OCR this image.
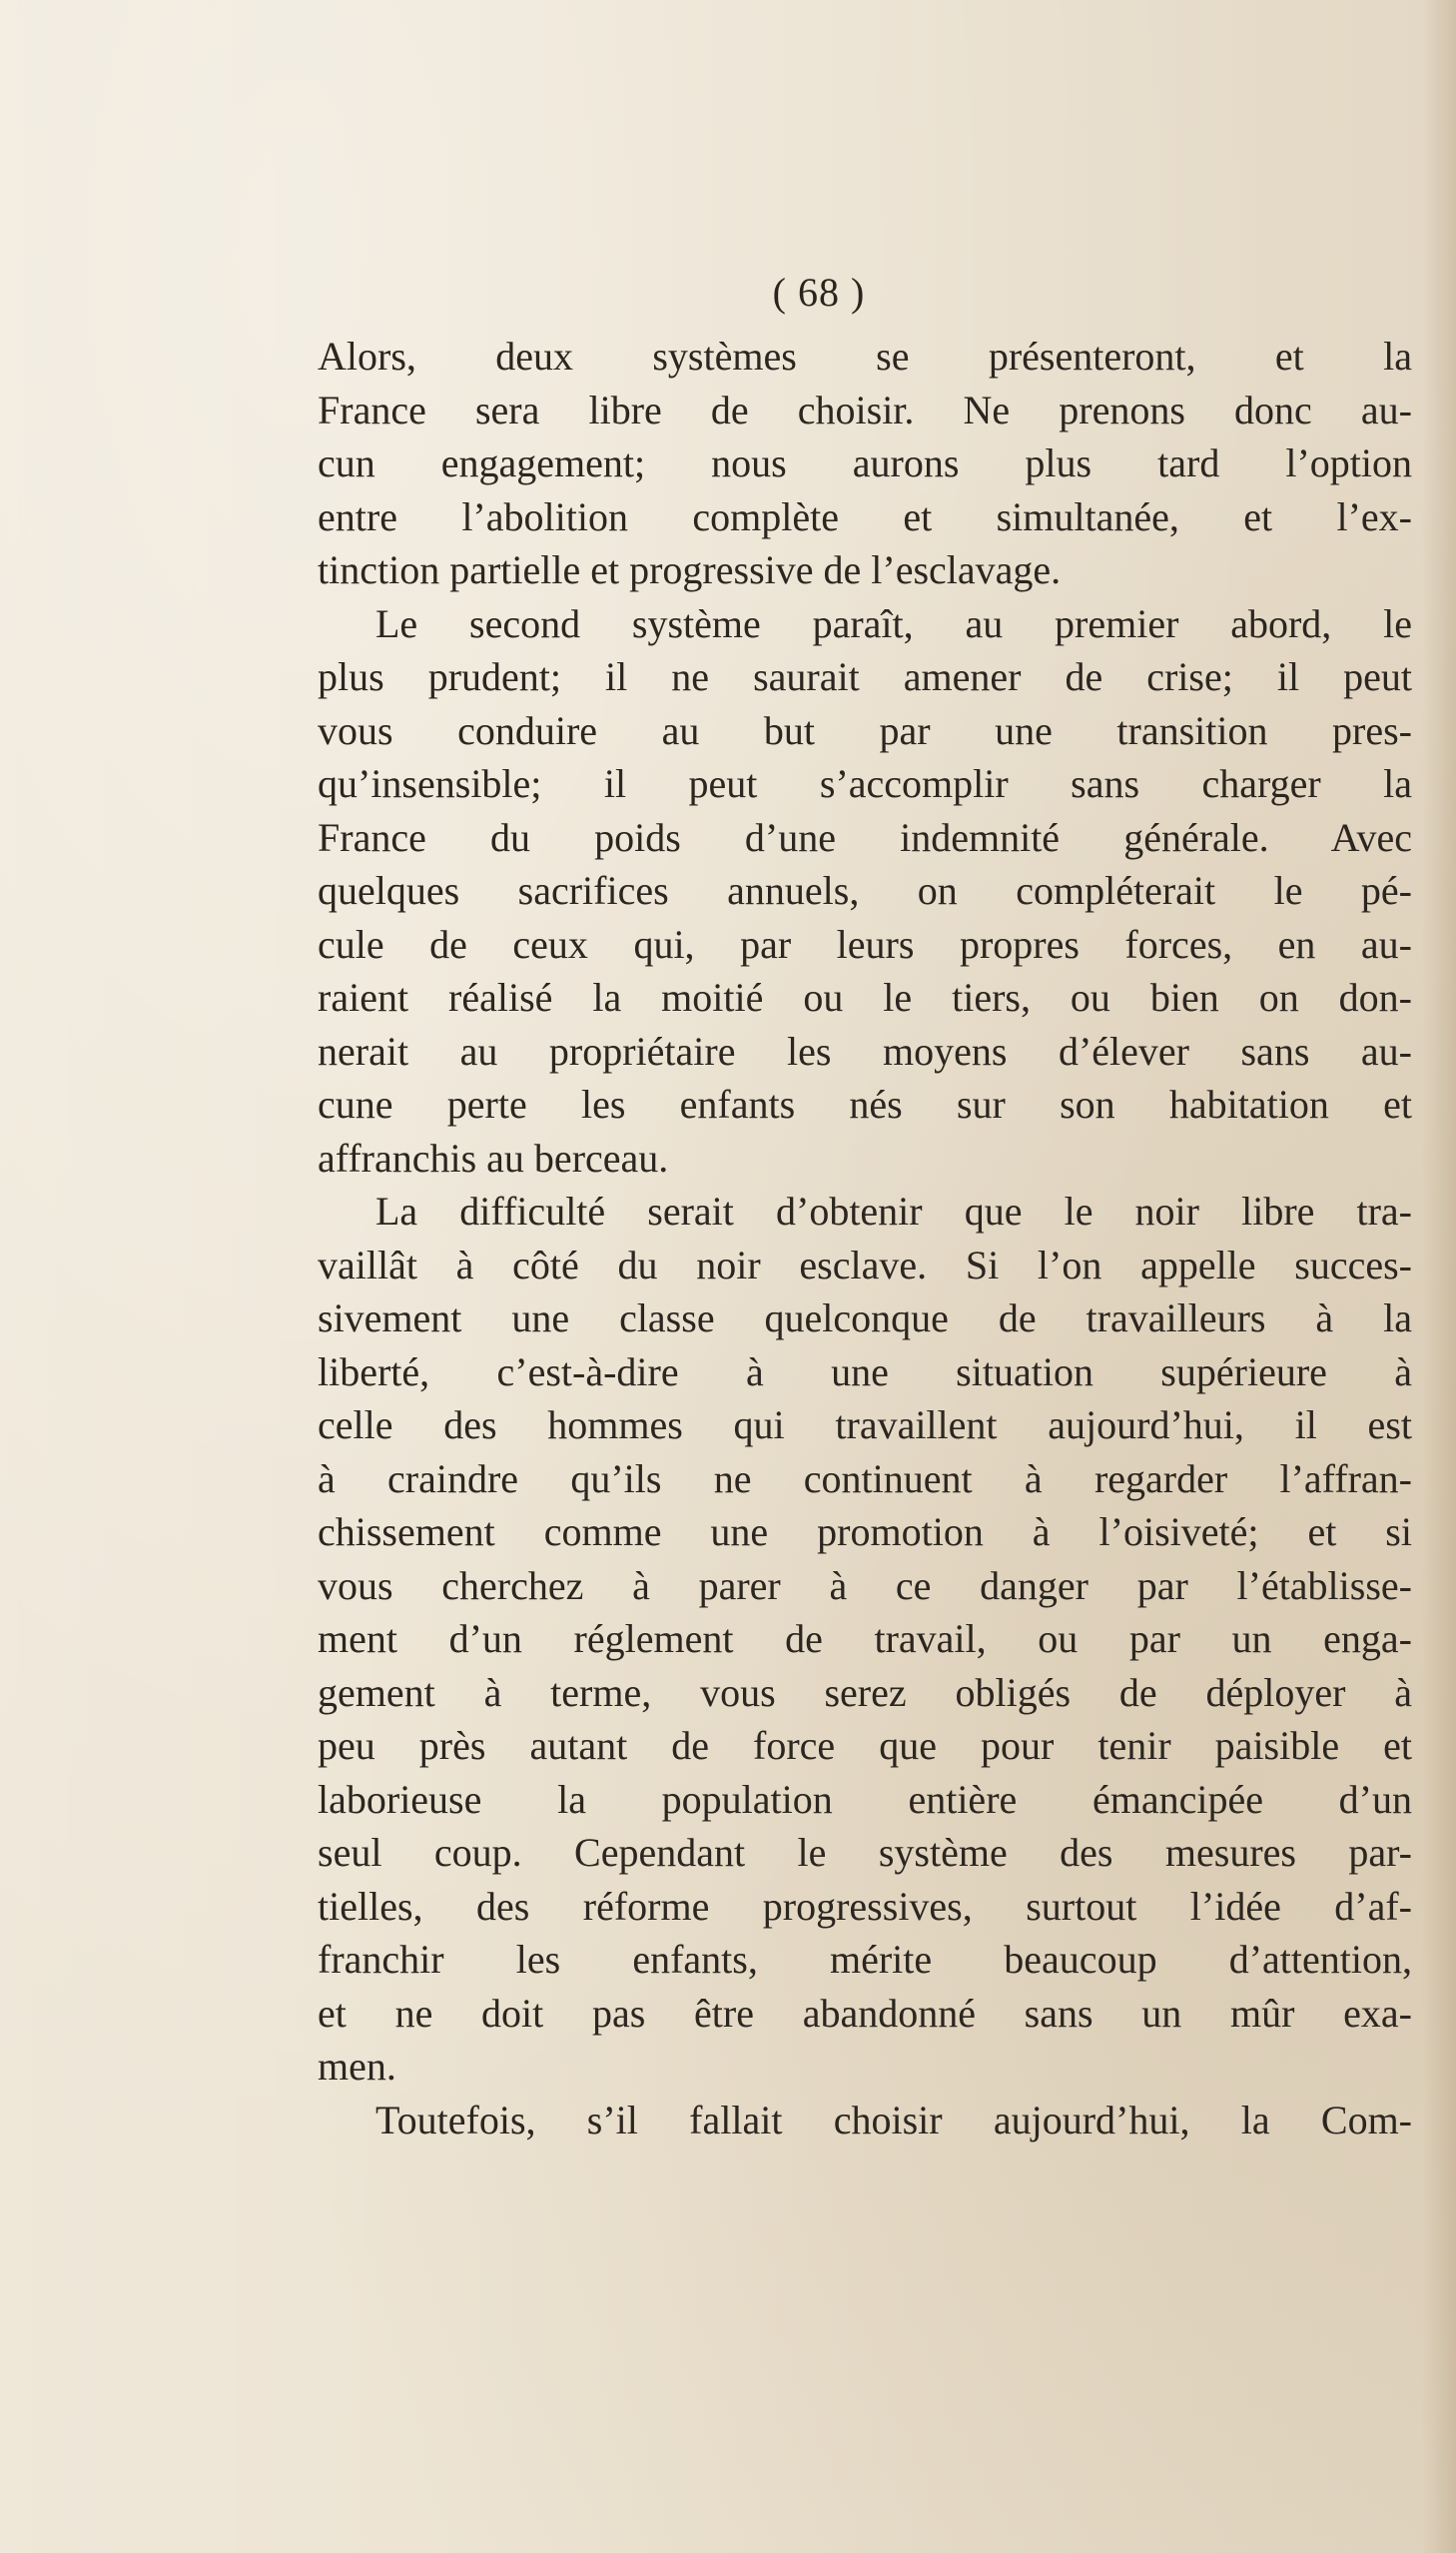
( 68 )
Alors, deux systèmes se présenteront, et la
France sera libre de choisir. Ne prenons donc au-
cun engagement; nous aurons plus tard l’option
entre l’abolition complète et simultanée, et l’ex-
tinction partielle et progressive de l’esclavage.
Le second système paraît, au premier abord, le
plus prudent; il ne saurait amener de crise; il peut
vous conduire au but par une transition pres-
qu’insensible; il peut s’accomplir sans charger la
France du poids d’une indemnité générale. Avec
quelques sacrifices annuels, on compléterait le pé-
cule de ceux qui, par leurs propres forces, en au-
raient réalisé la moitié ou le tiers, ou bien on don-
nerait au propriétaire les moyens d’élever sans au-
cune perte les enfants nés sur son habitation et
affranchis au berceau.
La difficulté serait d’obtenir que le noir libre tra-
vaillât à côté du noir esclave. Si l’on appelle succes-
sivement une classe quelconque de travailleurs à la
liberté, c’est-à-dire à une situation supérieure à
celle des hommes qui travaillent aujourd’hui, il est
à craindre qu’ils ne continuent à regarder l’affran-
chissement comme une promotion à l’oisiveté; et si
vous cherchez à parer à ce danger par l’établisse-
ment d’un réglement de travail, ou par un enga-
gement à terme, vous serez obligés de déployer à
peu près autant de force que pour tenir paisible et
laborieuse la population entière émancipée d’un
seul coup. Cependant le système des mesures par-
tielles, des réforme progressives, surtout l’idée d’af-
franchir les enfants, mérite beaucoup d’attention,
et ne doit pas être abandonné sans un mûr exa-
men.
Toutefois, s’il fallait choisir aujourd’hui, la Com-
